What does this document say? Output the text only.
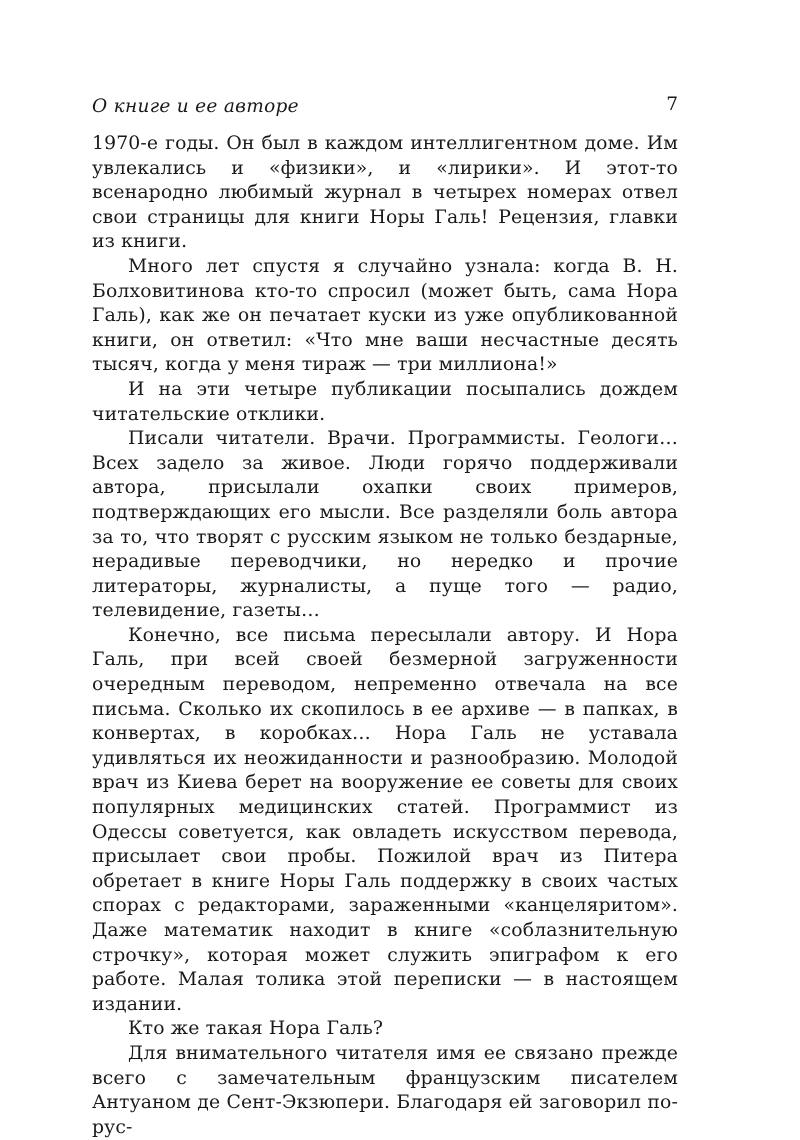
О книге и ее авторе	7

1970-е годы. Он был в каждом интеллигентном доме. Им увлекались и «физики», и «лирики». И этот-то всенародно любимый журнал в четырех номерах отвел свои страницы для книги Норы Галь! Рецензия, главки из книги.

Много лет спустя я случайно узнала: когда В. Н. Болховитинова кто-то спросил (может быть, сама Нора Галь), как же он печатает куски из уже опубликованной книги, он ответил: «Что мне ваши несчастные десять тысяч, когда у меня тираж — три миллиона!»

И на эти четыре публикации посыпались дождем читательские отклики.

Писали читатели. Врачи. Программисты. Геологи… Всех задело за живое. Люди горячо поддерживали автора, присылали охапки своих примеров, подтверждающих его мысли. Все разделяли боль автора за то, что творят с русским языком не только бездарные, нерадивые переводчики, но нередко и прочие литераторы, журналисты, а пуще того — радио, телевидение, газеты…

Конечно, все письма пересылали автору. И Нора Галь, при всей своей безмерной загруженности очередным переводом, непременно отвечала на все письма. Сколько их скопилось в ее архиве — в папках, в конвертах, в коробках… Нора Галь не уставала удивляться их неожиданности и разнообразию. Молодой врач из Киева берет на вооружение ее советы для своих популярных медицинских статей. Программист из Одессы советуется, как овладеть искусством перевода, присылает свои пробы. Пожилой врач из Питера обретает в книге Норы Галь поддержку в своих частых спорах с редакторами, зараженными «канцеляритом». Даже математик находит в книге «соблазнительную строчку», которая может служить эпиграфом к его работе. Малая толика этой переписки — в настоящем издании.

Кто же такая Нора Галь?

Для внимательного читателя имя ее связано прежде всего с замечательным французским писателем Антуаном де Сент-Экзюпери. Благодаря ей заговорил по-рус-
